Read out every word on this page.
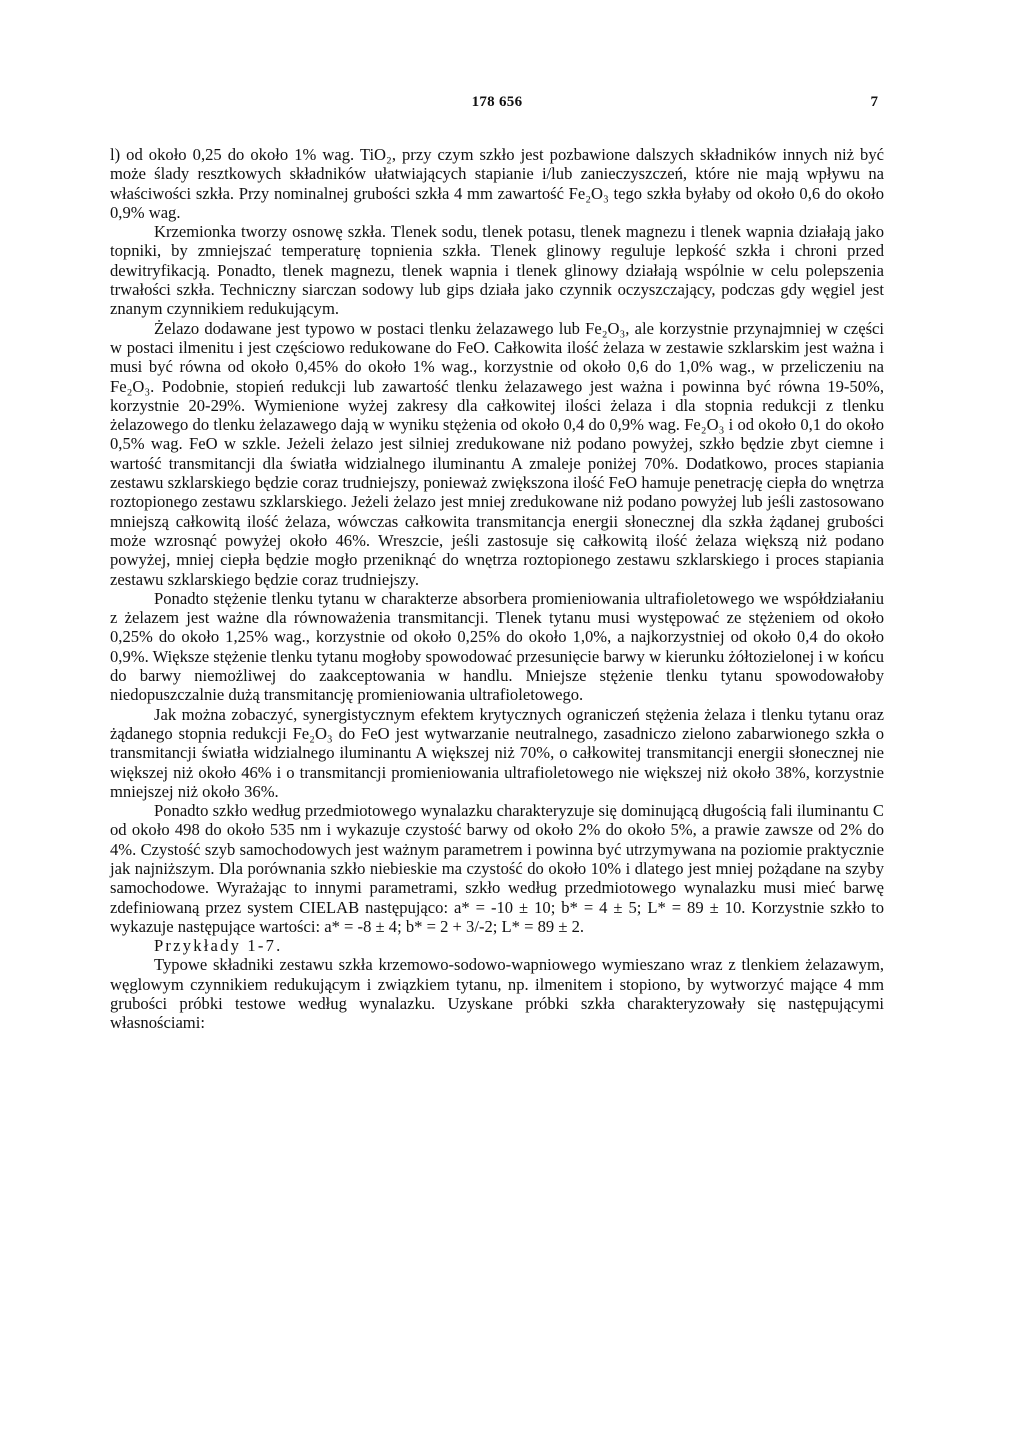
178 656	7

l) od około 0,25 do około 1% wag. TiO₂, przy czym szkło jest pozbawione dalszych składników innych niż być może ślady resztkowych składników ułatwiających stapianie i/lub zanieczyszczeń, które nie mają wpływu na właściwości szkła. Przy nominalnej grubości szkła 4 mm zawartość Fe₂O₃ tego szkła byłaby od około 0,6 do około 0,9% wag.

Krzemionka tworzy osnowę szkła. Tlenek sodu, tlenek potasu, tlenek magnezu i tlenek wapnia działają jako topniki, by zmniejszać temperaturę topnienia szkła. Tlenek glinowy reguluje lepkość szkła i chroni przed dewitryfikacją. Ponadto, tlenek magnezu, tlenek wapnia i tlenek glinowy działają wspólnie w celu polepszenia trwałości szkła. Techniczny siarczan sodowy lub gips działa jako czynnik oczyszczający, podczas gdy węgiel jest znanym czynnikiem redukującym.

Żelazo dodawane jest typowo w postaci tlenku żelazawego lub Fe₂O₃, ale korzystnie przynajmniej w części w postaci ilmenitu i jest częściowo redukowane do FeO. Całkowita ilość żelaza w zestawie szklarskim jest ważna i musi być równa od około 0,45% do około 1% wag., korzystnie od około 0,6 do 1,0% wag., w przeliczeniu na Fe₂O₃. Podobnie, stopień redukcji lub zawartość tlenku żelazawego jest ważna i powinna być równa 19-50%, korzystnie 20-29%. Wymienione wyżej zakresy dla całkowitej ilości żelaza i dla stopnia redukcji z tlenku żelazowego do tlenku żelazawego dają w wyniku stężenia od około 0,4 do 0,9% wag. Fe₂O₃ i od około 0,1 do około 0,5% wag. FeO w szkle. Jeżeli żelazo jest silniej zredukowane niż podano powyżej, szkło będzie zbyt ciemne i wartość transmitancji dla światła widzialnego iluminantu A zmaleje poniżej 70%. Dodatkowo, proces stapiania zestawu szklarskiego będzie coraz trudniejszy, ponieważ zwiększona ilość FeO hamuje penetrację ciepła do wnętrza roztopionego zestawu szklarskiego. Jeżeli żelazo jest mniej zredukowane niż podano powyżej lub jeśli zastosowano mniejszą całkowitą ilość żelaza, wówczas całkowita transmitancja energii słonecznej dla szkła żądanej grubości może wzrosnąć powyżej około 46%. Wreszcie, jeśli zastosuje się całkowitą ilość żelaza większą niż podano powyżej, mniej ciepła będzie mogło przeniknąć do wnętrza roztopionego zestawu szklarskiego i proces stapiania zestawu szklarskiego będzie coraz trudniejszy.

Ponadto stężenie tlenku tytanu w charakterze absorbera promieniowania ultrafioletowego we współdziałaniu z żelazem jest ważne dla równoważenia transmitancji. Tlenek tytanu musi występować ze stężeniem od około 0,25% do około 1,25% wag., korzystnie od około 0,25% do około 1,0%, a najkorzystniej od około 0,4 do około 0,9%. Większe stężenie tlenku tytanu mogłoby spowodować przesunięcie barwy w kierunku żółtozielonej i w końcu do barwy niemożliwej do zaakceptowania w handlu. Mniejsze stężenie tlenku tytanu spowodowałoby niedopuszczalnie dużą transmitancję promieniowania ultrafioletowego.

Jak można zobaczyć, synergistycznym efektem krytycznych ograniczeń stężenia żelaza i tlenku tytanu oraz żądanego stopnia redukcji Fe₂O₃ do FeO jest wytwarzanie neutralnego, zasadniczo zielono zabarwionego szkła o transmitancji światła widzialnego iluminantu A większej niż 70%, o całkowitej transmitancji energii słonecznej nie większej niż około 46% i o transmitancji promieniowania ultrafioletowego nie większej niż około 38%, korzystnie mniejszej niż około 36%.

Ponadto szkło według przedmiotowego wynalazku charakteryzuje się dominującą długością fali iluminantu C od około 498 do około 535 nm i wykazuje czystość barwy od około 2% do około 5%, a prawie zawsze od 2% do 4%. Czystość szyb samochodowych jest ważnym parametrem i powinna być utrzymywana na poziomie praktycznie jak najniższym. Dla porównania szkło niebieskie ma czystość do około 10% i dlatego jest mniej pożądane na szyby samochodowe. Wyrażając to innymi parametrami, szkło według przedmiotowego wynalazku musi mieć barwę zdefiniowaną przez system CIELAB następująco: a* = -10 ± 10; b* = 4 ± 5; L* = 89 ± 10. Korzystnie szkło to wykazuje następujące wartości: a* = -8 ± 4; b* = 2 + 3/-2; L* = 89 ± 2.

Przykłady 1-7.

Typowe składniki zestawu szkła krzemowo-sodowo-wapniowego wymieszano wraz z tlenkiem żelazawym, węglowym czynnikiem redukującym i związkiem tytanu, np. ilmenitem i stopiono, by wytworzyć mające 4 mm grubości próbki testowe według wynalazku. Uzyskane próbki szkła charakteryzowały się następującymi własnościami:
